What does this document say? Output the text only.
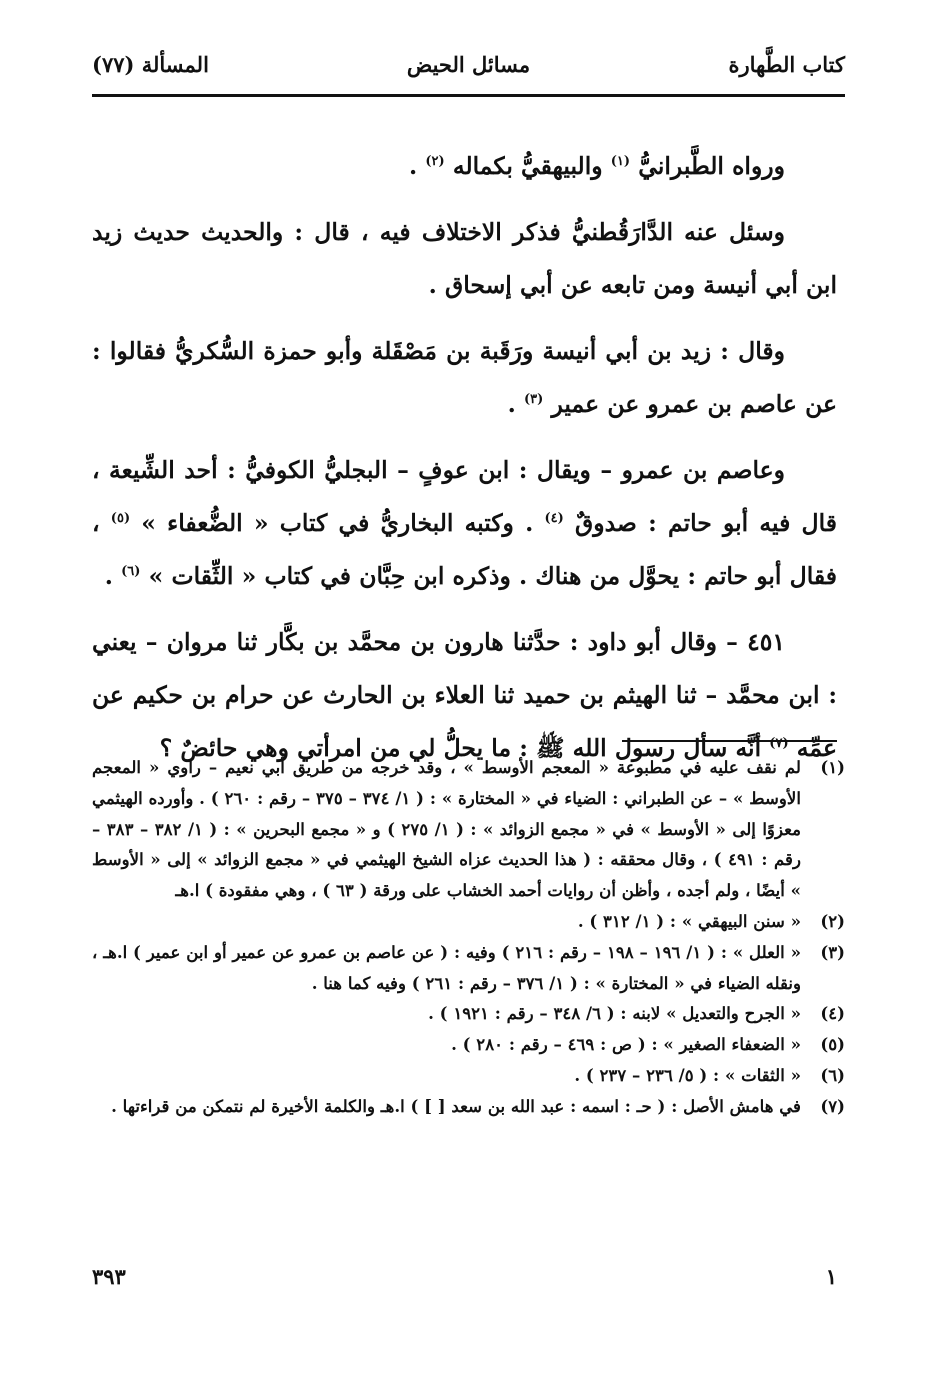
كتاب الطَّهارة
مسائل الحيض
المسألة (٧٧)

ورواه الطَّبرانيُّ $^{(١)}$ والبيهقيُّ بكماله $^{(٢)}$ .

وسئل عنه الدَّارَقُطنيُّ فذكر الاختلاف فيه ، قال : والحديث حديث زيد ابن أبي أنيسة ومن تابعه عن أبي إسحاق .

وقال : زيد بن أبي أنيسة ورَقَبة بن مَصْقَلة وأبو حمزة السُّكريُّ فقالوا : عن عاصم بن عمرو عن عمير $^{(٣)}$ .

وعاصم بن عمرو – ويقال : ابن عوفٍ – البجليُّ الكوفيُّ : أحد الشِّيعة ، قال فيه أبو حاتم : صدوقٌ $^{(٤)}$ . وكتبه البخاريُّ في كتاب « الضُّعفاء » $^{(٥)}$ ، فقال أبو حاتم : يحوَّل من هناك . وذكره ابن حِبَّان في كتاب « الثِّقات » $^{(٦)}$ .

٤٥١ – وقال أبو داود : حدَّثنا هارون بن محمَّد بن بكَّار ثنا مروان – يعني : ابن محمَّد – ثنا الهيثم بن حميد ثنا العلاء بن الحارث عن حرام بن حكيم عن عمِّه $^{(٧)}$ أنَّه سأل رسول الله ﷺ : ما يحلُّ لي من امرأتي وهي حائضٌ ؟

(١)
لم نقف عليه في مطبوعة « المعجم الأوسط » ، وقد خرجه من طريق أبي نعيم – راوي « المعجم الأوسط » – عن الطبراني : الضياء في « المختارة » : ( ١/ ٣٧٤ – ٣٧٥ – رقم : ٢٦٠ ) . وأورده الهيثمي معزوًا إلى « الأوسط » في « مجمع الزوائد » : ( ١/ ٢٧٥ ) و « مجمع البحرين » : ( ١/ ٣٨٢ – ٣٨٣ – رقم : ٤٩١ ) ، وقال محققه : ( هذا الحديث عزاه الشيخ الهيثمي في « مجمع الزوائد » إلى « الأوسط » أيضًا ، ولم أجده ، وأظن أن روايات أحمد الخشاب على ورقة ( ٦٣ ) ، وهي مفقودة ) ا.هـ
(٢)
« سنن البيهقي » : ( ١/ ٣١٢ ) .
(٣)
« العلل » : ( ١/ ١٩٦ – ١٩٨ – رقم : ٢١٦ ) وفيه : ( عن عاصم بن عمرو عن عمير أو ابن عمير ) ا.هـ ، ونقله الضياء في « المختارة » : ( ١/ ٣٧٦ – رقم : ٢٦١ ) وفيه كما هنا .
(٤)
« الجرح والتعديل » لابنه : ( ٦/ ٣٤٨ – رقم : ١٩٢١ ) .
(٥)
« الضعفاء الصغير » : ( ص : ٤٦٩ – رقم : ٢٨٠ ) .
(٦)
« الثقات » : ( ٥/ ٢٣٦ – ٢٣٧ ) .
(٧)
في هامش الأصل : ( حـ : اسمه : عبد الله بن سعد [ ] ) ا.هـ والكلمة الأخيرة لم نتمكن من قراءتها .
١
٣٩٣
